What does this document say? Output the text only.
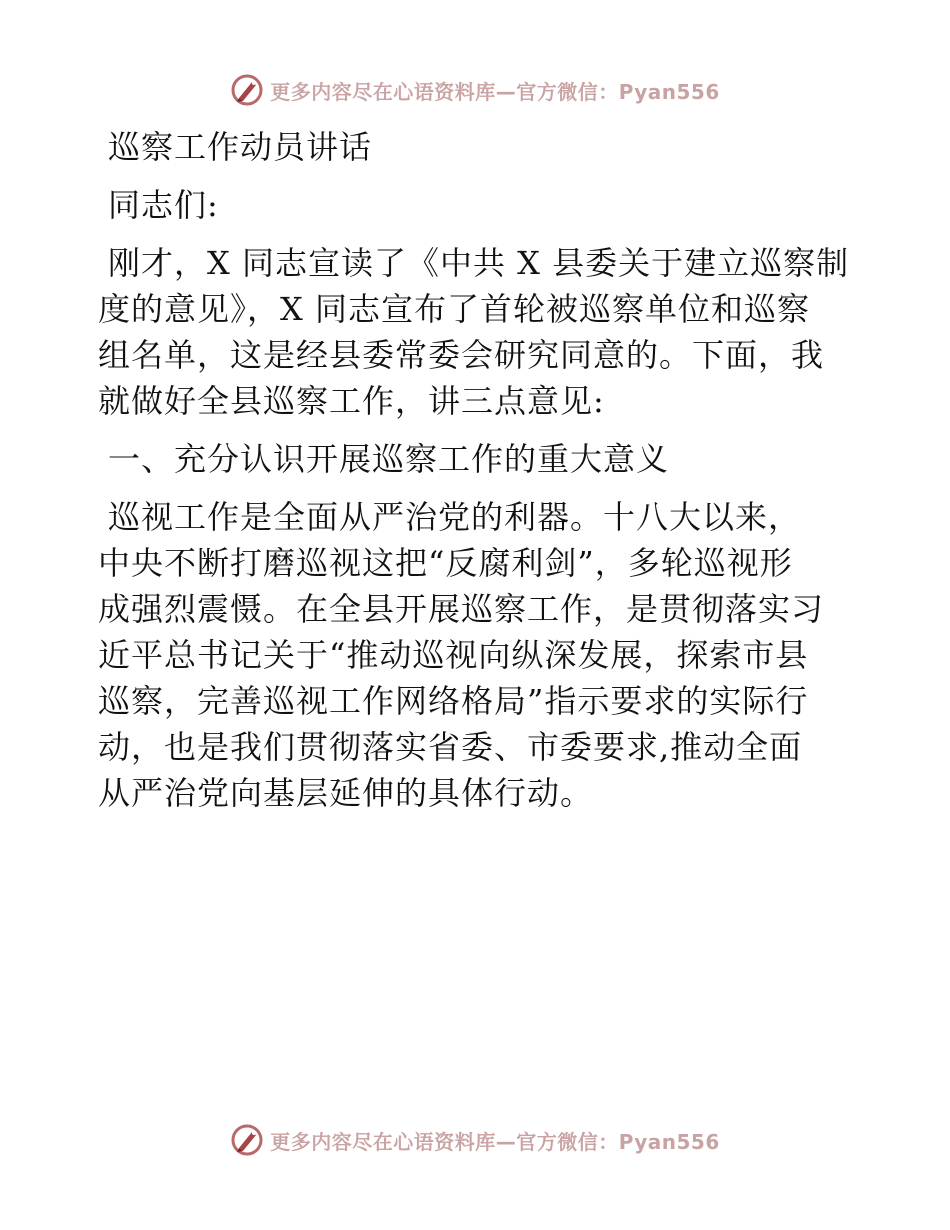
更多内容尽在心语资料库—官方微信：Pyan556
巡察工作动员讲话
同志们:
刚才，X 同志宣读了《中共 X 县委关于建立巡察制
度的意见》，X 同志宣布了首轮被巡察单位和巡察
组名单，这是经县委常委会研究同意的。下面，我
就做好全县巡察工作，讲三点意见:
一、充分认识开展巡察工作的重大意义
巡视工作是全面从严治党的利器。十八大以来，
中央不断打磨巡视这把“反腐利剑”，多轮巡视形
成强烈震慑。在全县开展巡察工作，是贯彻落实习
近平总书记关于“推动巡视向纵深发展，探索市县
巡察，完善巡视工作网络格局”指示要求的实际行
动，也是我们贯彻落实省委、市委要求,推动全面
从严治党向基层延伸的具体行动。
更多内容尽在心语资料库—官方微信：Pyan556
